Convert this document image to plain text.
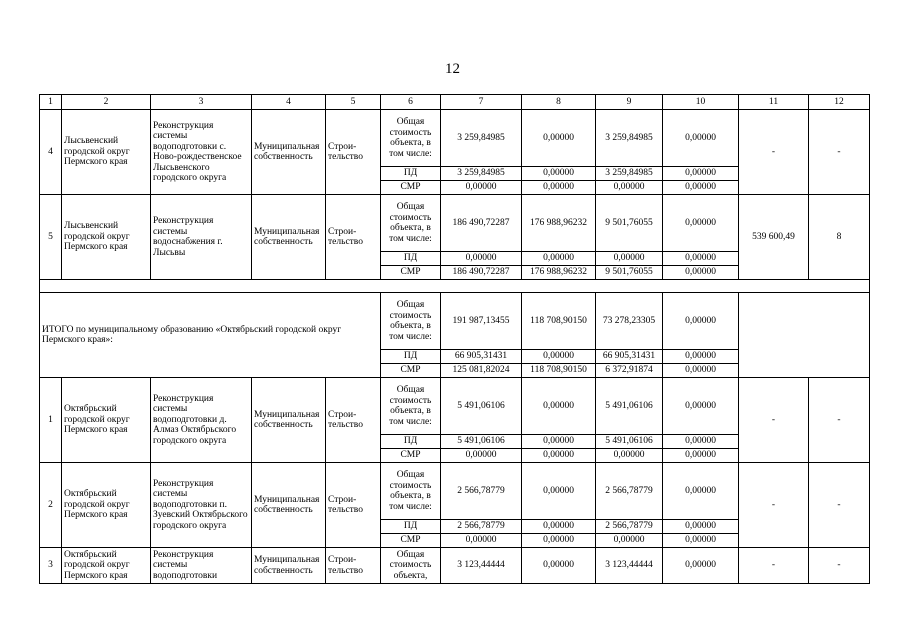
12
1	2	3	4	5	6	7	8	9	10	11	12
4	Лысьвенский городской округ Пермского края	Реконструкция системы водоподготовки с. Ново-рождественское Лысьвенского городского округа	Муниципальная собственность	Строи-тельство	Общая стоимость объекта, в том числе:	3 259,84985	0,00000	3 259,84985	0,00000	-	-
					ПД	3 259,84985	0,00000	3 259,84985	0,00000		
					СМР	0,00000	0,00000	0,00000	0,00000		
5	Лысьвенский городской округ Пермского края	Реконструкция системы водоснабжения г. Лысьвы	Муниципальная собственность	Строи-тельство	Общая стоимость объекта, в том числе:	186 490,72287	176 988,96232	9 501,76055	0,00000	539 600,49	8
					ПД	0,00000	0,00000	0,00000	0,00000		
					СМР	186 490,72287	176 988,96232	9 501,76055	0,00000		

ИТОГО по муниципальному образованию «Октябрьский городской округ Пермского края»:					Общая стоимость объекта, в том числе:	191 987,13455	118 708,90150	73 278,23305	0,00000		
					ПД	66 905,31431	0,00000	66 905,31431	0,00000		
					СМР	125 081,82024	118 708,90150	6 372,91874	0,00000		
1	Октябрьский городской округ Пермского края	Реконструкция системы водоподготовки д. Алмаз Октябрьского городского округа	Муниципальная собственность	Строи-тельство	Общая стоимость объекта, в том числе:	5 491,06106	0,00000	5 491,06106	0,00000	-	-
					ПД	5 491,06106	0,00000	5 491,06106	0,00000		
					СМР	0,00000	0,00000	0,00000	0,00000		
2	Октябрьский городской округ Пермского края	Реконструкция системы водоподготовки п. Зуевский Октябрьского городского округа	Муниципальная собственность	Строи-тельство	Общая стоимость объекта, в том числе:	2 566,78779	0,00000	2 566,78779	0,00000	-	-
					ПД	2 566,78779	0,00000	2 566,78779	0,00000		
					СМР	0,00000	0,00000	0,00000	0,00000		
3	Октябрьский городской округ Пермского края	Реконструкция системы водоподготовки	Муниципальная собственность	Строи-тельство	Общая стоимость объекта,	3 123,44444	0,00000	3 123,44444	0,00000	-	-
